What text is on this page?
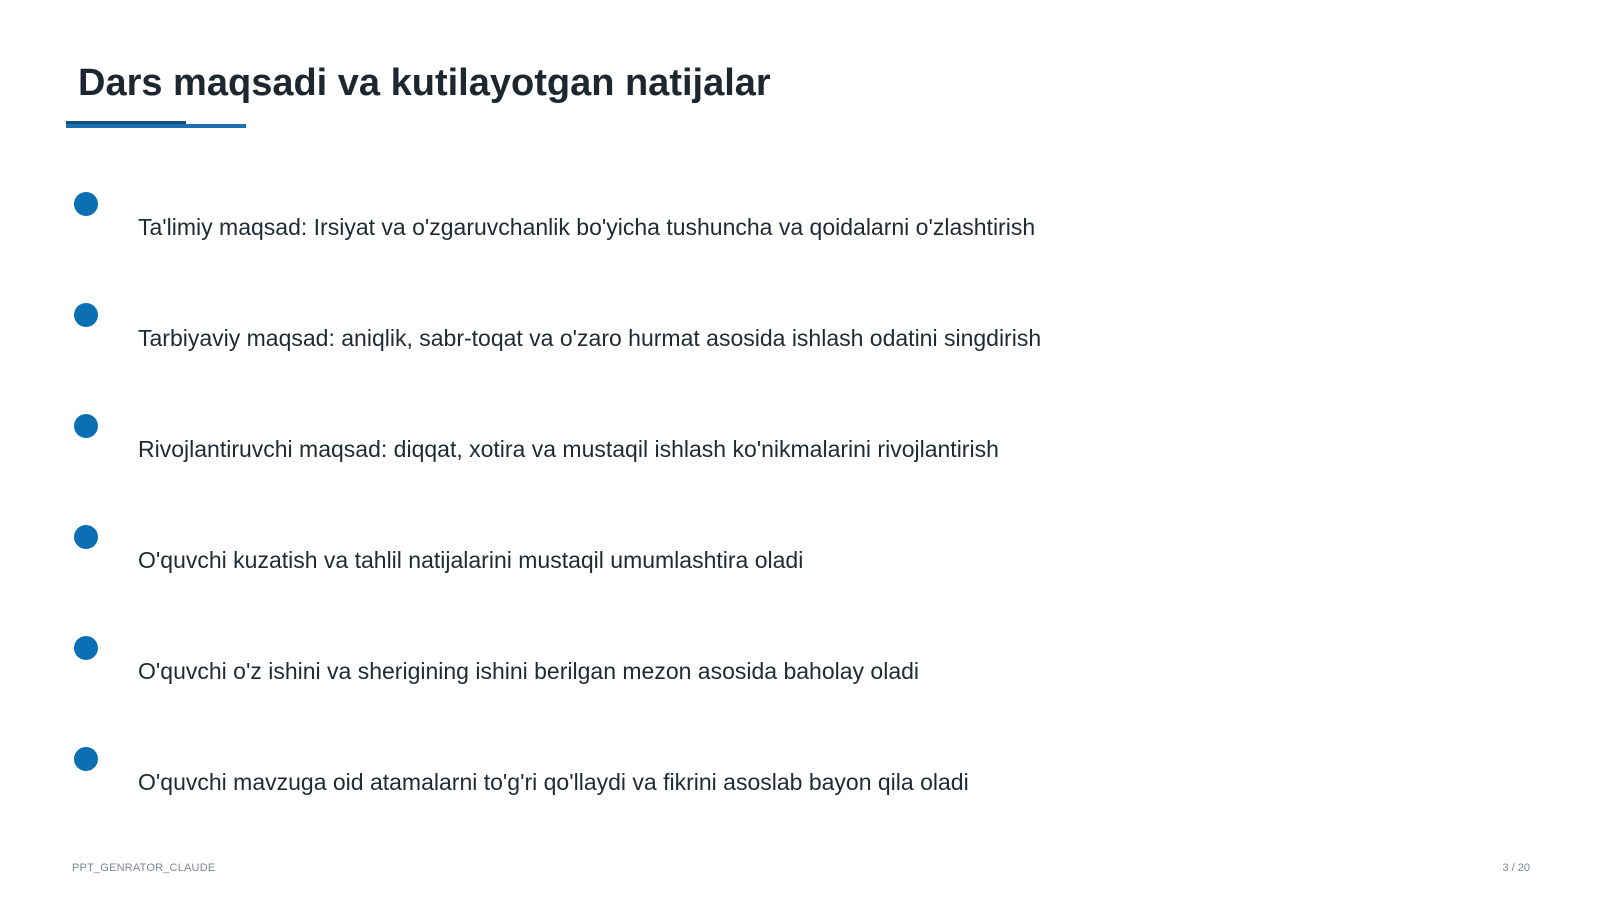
Dars maqsadi va kutilayotgan natijalar
Ta'limiy maqsad: Irsiyat va o'zgaruvchanlik bo'yicha tushuncha va qoidalarni o'zlashtirish
Tarbiyaviy maqsad: aniqlik, sabr-toqat va o'zaro hurmat asosida ishlash odatini singdirish
Rivojlantiruvchi maqsad: diqqat, xotira va mustaqil ishlash ko'nikmalarini rivojlantirish
O'quvchi kuzatish va tahlil natijalarini mustaqil umumlashtira oladi
O'quvchi o'z ishini va sherigining ishini berilgan mezon asosida baholay oladi
O'quvchi mavzuga oid atamalarni to'g'ri qo'llaydi va fikrini asoslab bayon qila oladi
PPT_GENRATOR_CLAUDE	3 / 20
